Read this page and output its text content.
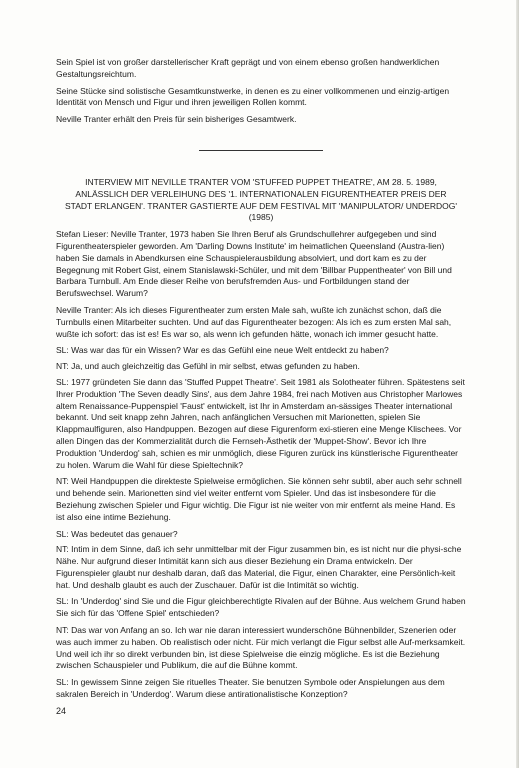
Sein Spiel ist von großer darstellerischer Kraft geprägt und von einem ebenso großen handwerklichen Gestaltungsreichtum.

Seine Stücke sind solistische Gesamtkunstwerke, in denen es zu einer vollkommenen und einzig-artigen Identität von Mensch und Figur und ihren jeweiligen Rollen kommt.

Neville Tranter erhält den Preis für sein bisheriges Gesamtwerk.

INTERVIEW MIT NEVILLE TRANTER VOM 'STUFFED PUPPET THEATRE', AM 28. 5. 1989, ANLÄSSLICH DER VERLEIHUNG DES '1. INTERNATIONALEN FIGURENTHEATER PREIS DER STADT ERLANGEN'. TRANTER GASTIERTE AUF DEM FESTIVAL MIT 'MANIPULATOR/ UNDERDOG' (1985)

Stefan Lieser: Neville Tranter, 1973 haben Sie Ihren Beruf als Grundschullehrer aufgegeben und sind Figurentheaterspieler geworden. Am 'Darling Downs Institute' im heimatlichen Queensland (Austra-lien) haben Sie damals in Abendkursen eine Schauspielerausbildung absolviert, und dort kam es zu der Begegnung mit Robert Gist, einem Stanislawski-Schüler, und mit dem 'Billbar Puppentheater' von Bill und Barbara Turnbull. Am Ende dieser Reihe von berufsfremden Aus- und Fortbildungen stand der Berufswechsel. Warum?

Neville Tranter: Als ich dieses Figurentheater zum ersten Male sah, wußte ich zunächst schon, daß die Turnbulls einen Mitarbeiter suchten. Und auf das Figurentheater bezogen: Als ich es zum ersten Mal sah, wußte ich sofort: das ist es! Es war so, als wenn ich gefunden hätte, wonach ich immer gesucht hatte.

SL: Was war das für ein Wissen? War es das Gefühl eine neue Welt entdeckt zu haben?

NT: Ja, und auch gleichzeitig das Gefühl in mir selbst, etwas gefunden zu haben.

SL: 1977 gründeten Sie dann das 'Stuffed Puppet Theatre'. Seit 1981 als Solotheater führen. Spätestens seit Ihrer Produktion 'The Seven deadly Sins', aus dem Jahre 1984, frei nach Motiven aus Christopher Marlowes altem Renaissance-Puppenspiel 'Faust' entwickelt, ist Ihr in Amsterdam an-sässiges Theater international bekannt. Und seit knapp zehn Jahren, nach anfänglichen Versuchen mit Marionetten, spielen Sie Klappmaulfiguren, also Handpuppen. Bezogen auf diese Figurenform exi-stieren eine Menge Klischees. Vor allen Dingen das der Kommerzialität durch die Fernseh-Ästhetik der 'Muppet-Show'. Bevor ich Ihre Produktion 'Underdog' sah, schien es mir unmöglich, diese Figuren zurück ins künstlerische Figurentheater zu holen. Warum die Wahl für diese Spieltechnik?

NT: Weil Handpuppen die direkteste Spielweise ermöglichen. Sie können sehr subtil, aber auch sehr schnell und behende sein. Marionetten sind viel weiter entfernt vom Spieler. Und das ist insbesondere für die Beziehung zwischen Spieler und Figur wichtig. Die Figur ist nie weiter von mir entfernt als meine Hand. Es ist also eine intime Beziehung.

SL: Was bedeutet das genauer?

NT: Intim in dem Sinne, daß ich sehr unmittelbar mit der Figur zusammen bin, es ist nicht nur die physi-sche Nähe. Nur aufgrund dieser Intimität kann sich aus dieser Beziehung ein Drama entwickeln. Der Figurenspieler glaubt nur deshalb daran, daß das Material, die Figur, einen Charakter, eine Persönlich-keit hat. Und deshalb glaubt es auch der Zuschauer. Dafür ist die Intimität so wichtig.

SL: In 'Underdog' sind Sie und die Figur gleichberechtigte Rivalen auf der Bühne. Aus welchem Grund haben Sie sich für das 'Offene Spiel' entschieden?

NT: Das war von Anfang an so. Ich war nie daran interessiert wunderschöne Bühnenbilder, Szenerien oder was auch immer zu haben. Ob realistisch oder nicht. Für mich verlangt die Figur selbst alle Auf-merksamkeit. Und weil ich ihr so direkt verbunden bin, ist diese Spielweise die einzig mögliche. Es ist die Beziehung zwischen Schauspieler und Publikum, die auf die Bühne kommt.

SL: In gewissem Sinne zeigen Sie rituelles Theater. Sie benutzen Symbole oder Anspielungen aus dem sakralen Bereich in 'Underdog'. Warum diese antirationalistische Konzeption?

24
